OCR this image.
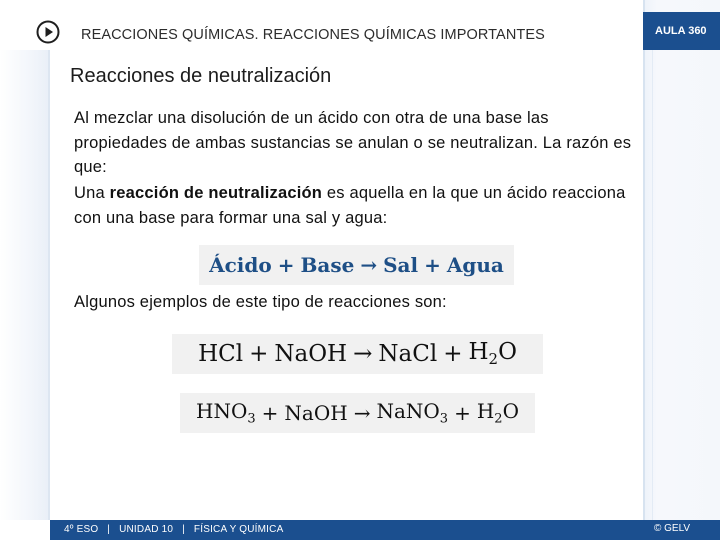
REACCIONES QUÍMICAS. REACCIONES QUÍMICAS IMPORTANTES	AULA 360
Reacciones de neutralización
Al mezclar una disolución de un ácido con otra de una base las propiedades de ambas sustancias se anulan o se neutralizan. La razón es que:
Una reacción de neutralización es aquella en la que un ácido reacciona con una base para formar una sal y agua:
Ácido + Base → Sal + Agua
Algunos ejemplos de este tipo de reacciones son:
HCl + NaOH → NaCl + $H_2O$
$HNO_3$ + NaOH → NaNO$_3$ + $H_2O$
4º ESO | UNIDAD 10 | FÍSICA Y QUÍMICA	© GELV
